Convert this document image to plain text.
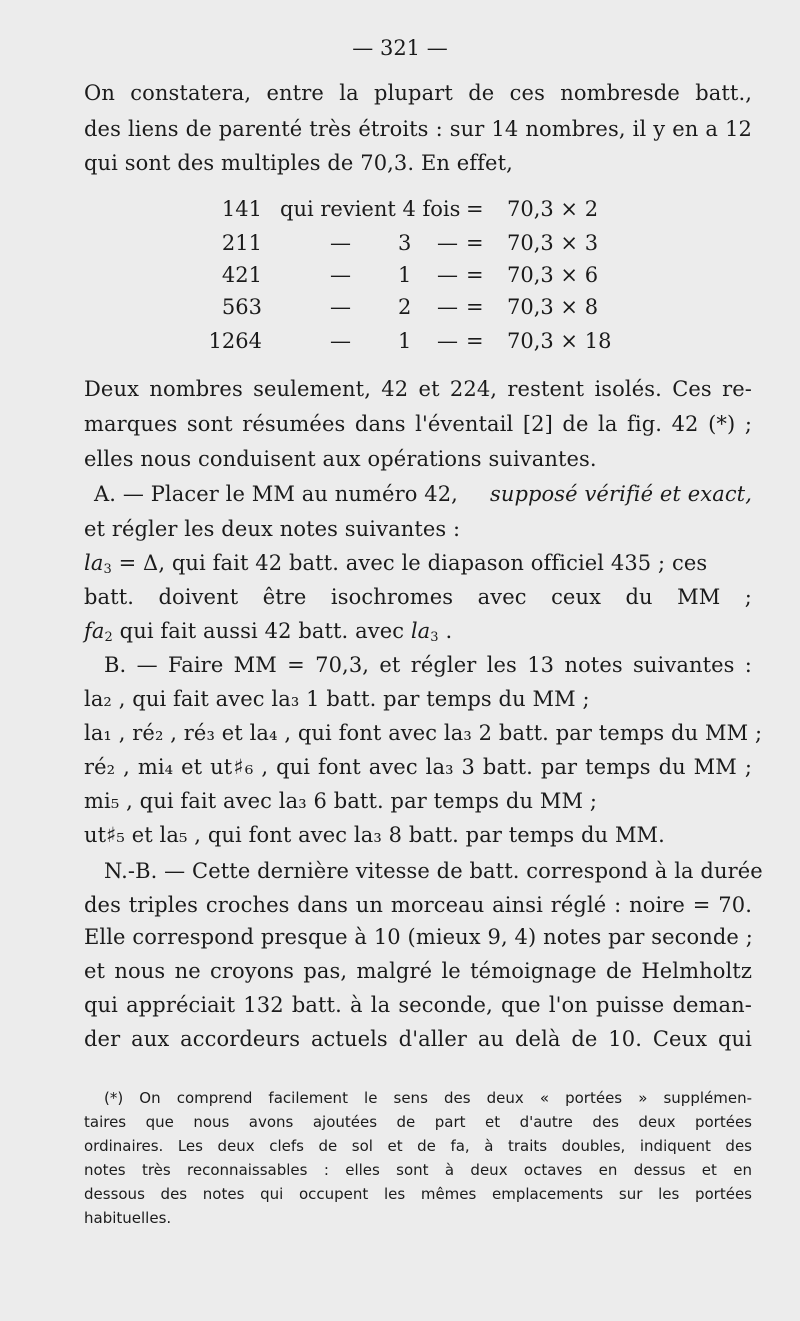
— 321 —
On constatera, entre la plupart de ces nombresde batt.,
des liens de parenté très étroits : sur 14 nombres, il y en a 12
qui sont des multiples de 70,3. En effet,
141 qui revient 4 fois = 70,3 × 2
211	— 3 — = 70,3 × 3
421	— 1 — = 70,3 × 6
563	— 2 — = 70,3 × 8
1264	— 1 — = 70,3 × 18
Deux nombres seulement, 42 et 224, restent isolés. Ces re-
marques sont résumées dans l'éventail [2] de la fig. 42 (*) ;
elles nous conduisent aux opérations suivantes.
A. — Placer le MM au numéro 42, supposé vérifié et exact,
et régler les deux notes suivantes :
$la_3 = \Delta$, qui fait 42 batt. avec le diapason officiel 435 ; ces
batt. doivent être isochromes avec ceux du MM ;
$fa_2$ qui fait aussi 42 batt. avec $la_3$ .
B. — Faire MM = 70,3, et régler les 13 notes suivantes :
la₂ , qui fait avec la₃ 1 batt. par temps du MM ;
la₁ , ré₂ , ré₃ et la₄ , qui font avec la₃ 2 batt. par temps du MM ;
ré₂ , mi₄ et ut♯₆ , qui font avec la₃ 3 batt. par temps du MM ;
mi₅ , qui fait avec la₃ 6 batt. par temps du MM ;
ut♯₅ et la₅ , qui font avec la₃ 8 batt. par temps du MM.
N.-B. — Cette dernière vitesse de batt. correspond à la durée
des triples croches dans un morceau ainsi réglé : noire = 70.
Elle correspond presque à 10 (mieux 9, 4) notes par seconde ;
et nous ne croyons pas, malgré le témoignage de Helmholtz
qui appréciait 132 batt. à la seconde, que l'on puisse deman-
der aux accordeurs actuels d'aller au delà de 10. Ceux qui
(*) On comprend facilement le sens des deux « portées » supplémen-
taires que nous avons ajoutées de part et d'autre des deux portées
ordinaires. Les deux clefs de sol et de fa, à traits doubles, indiquent des
notes très reconnaissables : elles sont à deux octaves en dessus et en
dessous des notes qui occupent les mêmes emplacements sur les portées
habituelles.
